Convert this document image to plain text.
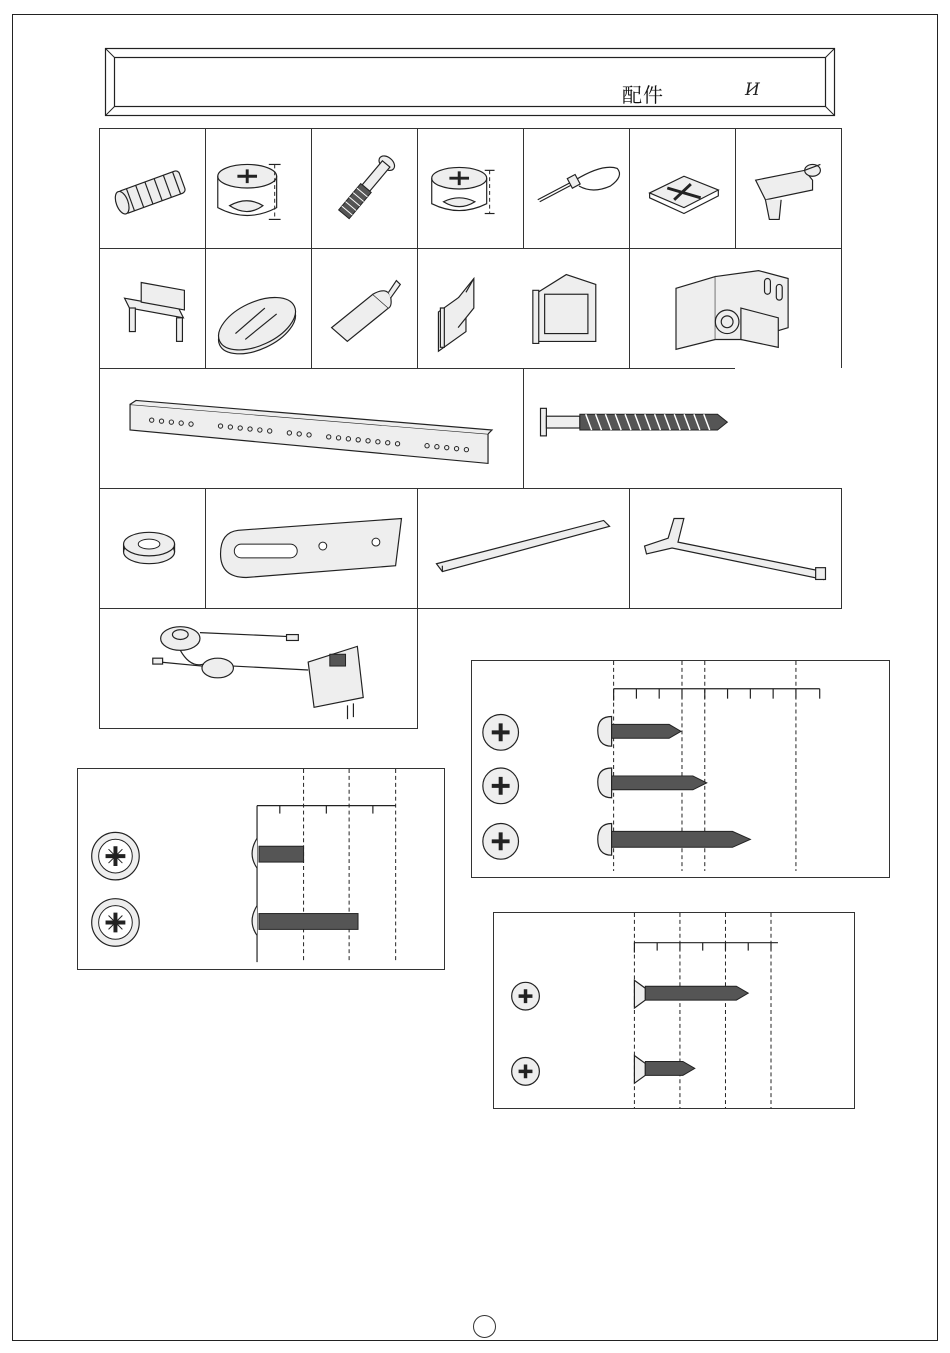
配件	И
